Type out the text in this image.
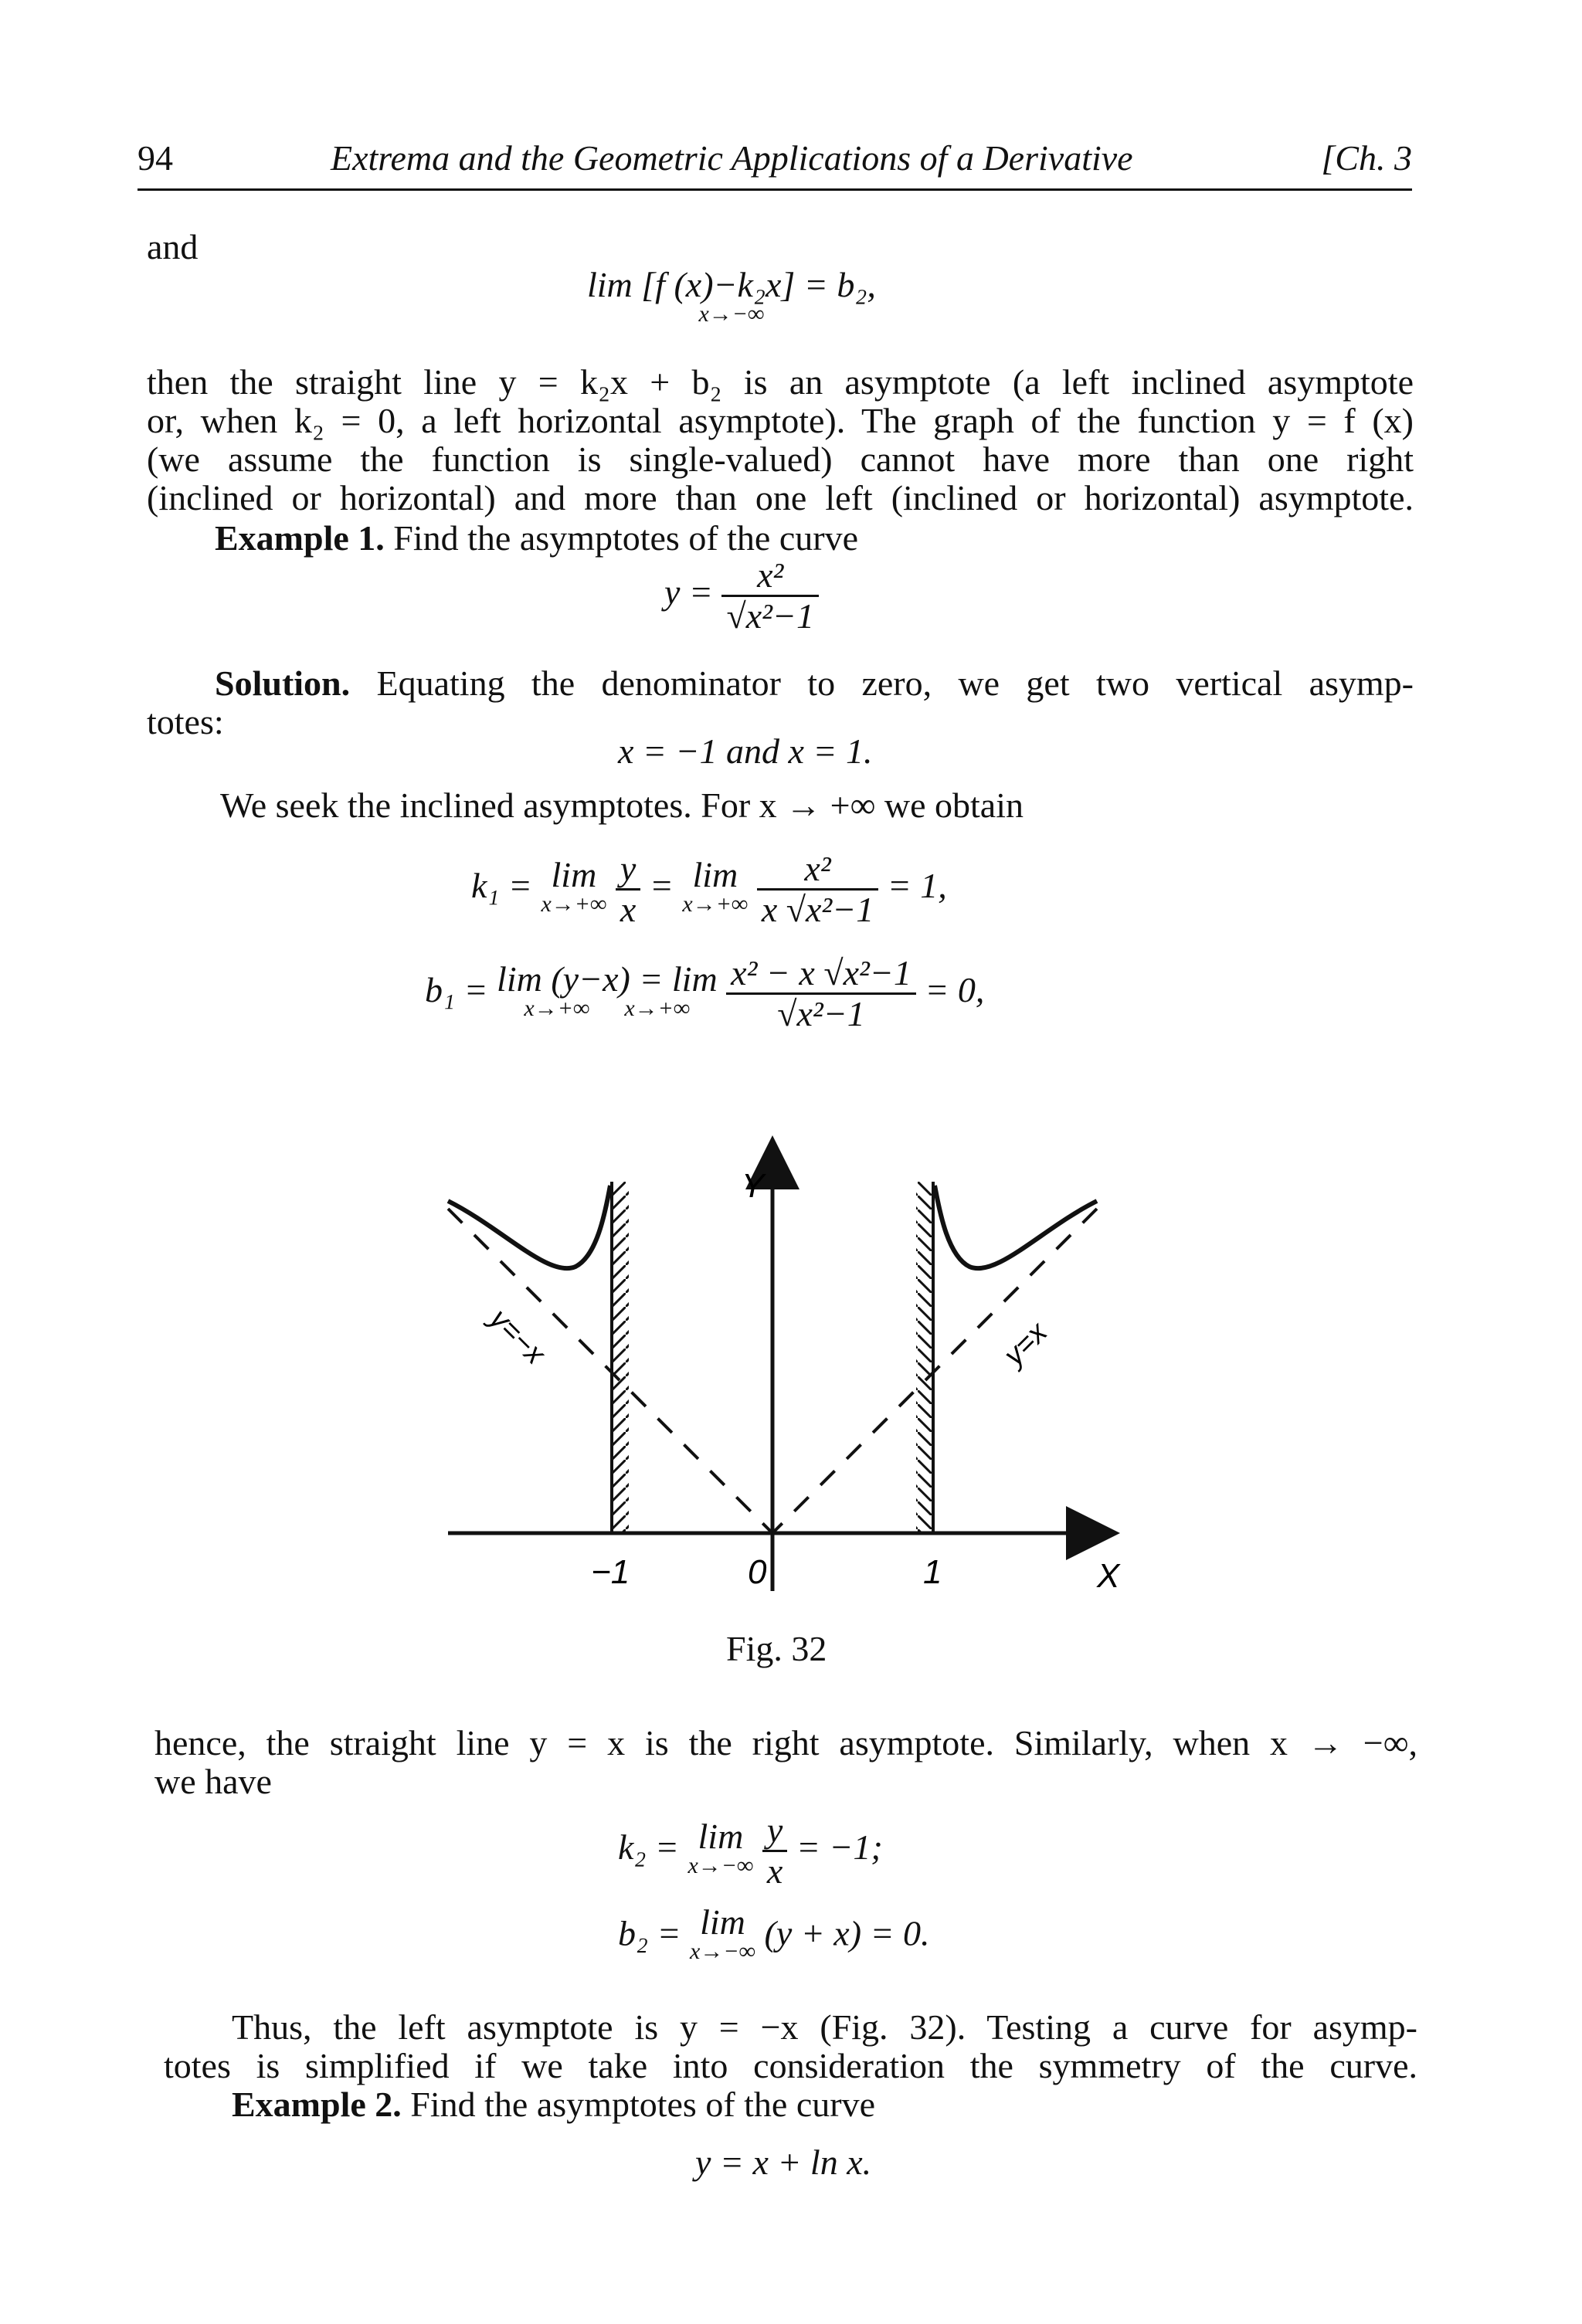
94	Extrema and the Geometric Applications of a Derivative	[Ch. 3
and
lim [f (x)−k₂x] = b₂,
x→−∞
then the straight line y = k₂x + b₂ is an asymptote (a left inclined asymptote
or, when k₂ = 0, a left horizontal asymptote). The graph of the function y = f (x)
(we assume the function is single-valued) cannot have more than one right
(inclined or horizontal) and more than one left (inclined or horizontal) asymptote.
Example 1. Find the asymptotes of the curve
$y = \frac{\text{x²}}{\text{√x²−1}}$
Solution. Equating the denominator to zero, we get two vertical asymp-
totes:
x = −1 and x = 1.
We seek the inclined asymptotes. For x → +∞ we obtain
k₁ = lim
x→+∞
$\frac{y}{x} = \lim$
x→+∞
$\frac{\text{x²}}{\text{x √x²−1}} = 1$,
b₁ = lim (y−x) = lim
x→+∞ x→+∞
	$\frac{\text{x² − x √x²−1}}{\text{√x²−1}} = 0$,
Y
X
−1	0	1
y=−x	y=x
Fig. 32
hence, the straight line y = x is the right asymptote. Similarly, when x → −∞,
we have
k₂ = lim
x→−∞
$\frac{y}{x} = -1$;
b₂ = lim
x→−∞ (y + x) = 0.
Thus, the left asymptote is y = −x (Fig. 32). Testing a curve for asymp-
totes is simplified if we take into consideration the symmetry of the curve.
Example 2. Find the asymptotes of the curve
y = x + ln x.
